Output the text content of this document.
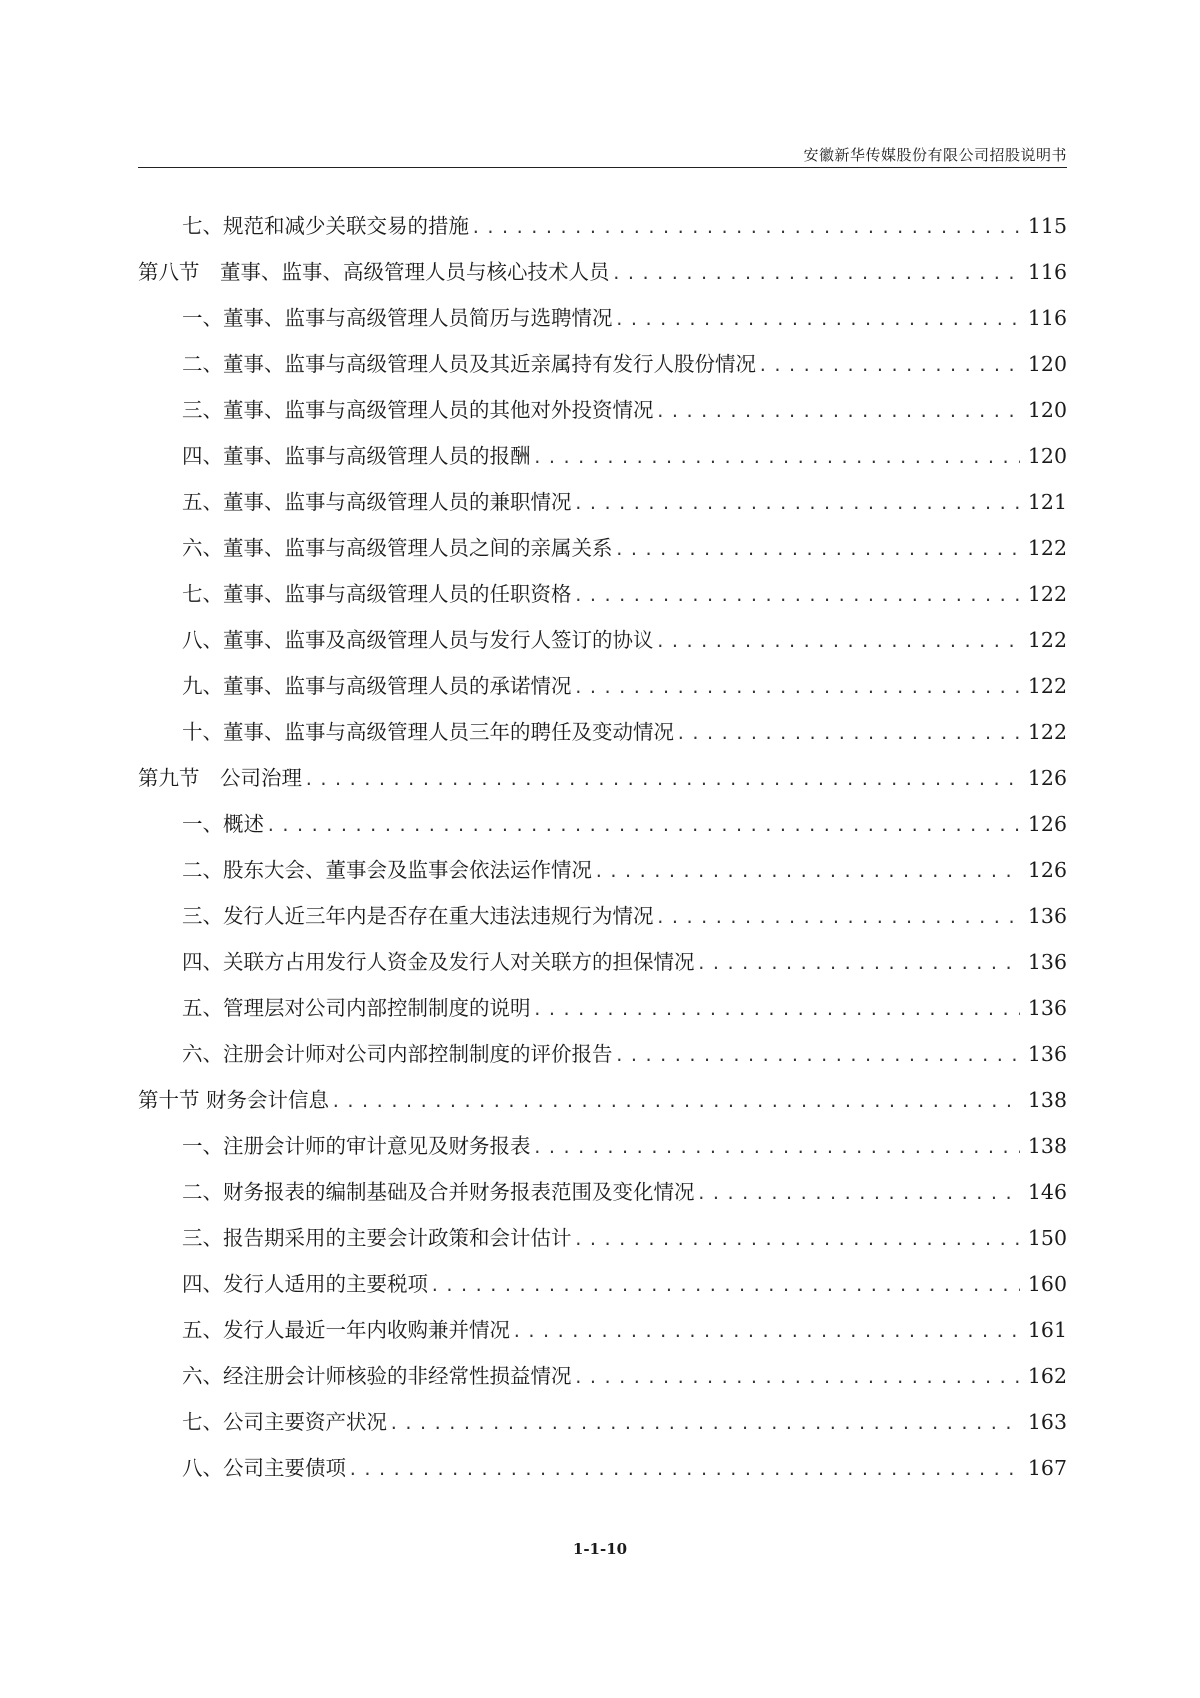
安徽新华传媒股份有限公司招股说明书
七、规范和减少关联交易的措施 .....	115
第八节　董事、监事、高级管理人员与核心技术人员 .....	116
一、董事、监事与高级管理人员简历与选聘情况 .....	116
二、董事、监事与高级管理人员及其近亲属持有发行人股份情况 .....	120
三、董事、监事与高级管理人员的其他对外投资情况 .....	120
四、董事、监事与高级管理人员的报酬 .....	120
五、董事、监事与高级管理人员的兼职情况 .....	121
六、董事、监事与高级管理人员之间的亲属关系 .....	122
七、董事、监事与高级管理人员的任职资格 .....	122
八、董事、监事及高级管理人员与发行人签订的协议 .....	122
九、董事、监事与高级管理人员的承诺情况 .....	122
十、董事、监事与高级管理人员三年的聘任及变动情况 .....	122
第九节　公司治理 .....	126
一、概述 .....	126
二、股东大会、董事会及监事会依法运作情况 .....	126
三、发行人近三年内是否存在重大违法违规行为情况 .....	136
四、关联方占用发行人资金及发行人对关联方的担保情况 .....	136
五、管理层对公司内部控制制度的说明 .....	136
六、注册会计师对公司内部控制制度的评价报告 .....	136
第十节 财务会计信息 .....	138
一、注册会计师的审计意见及财务报表 .....	138
二、财务报表的编制基础及合并财务报表范围及变化情况 .....	146
三、报告期采用的主要会计政策和会计估计 .....	150
四、发行人适用的主要税项 .....	160
五、发行人最近一年内收购兼并情况 .....	161
六、经注册会计师核验的非经常性损益情况 .....	162
七、公司主要资产状况 .....	163
八、公司主要债项 .....	167
1-1-10
